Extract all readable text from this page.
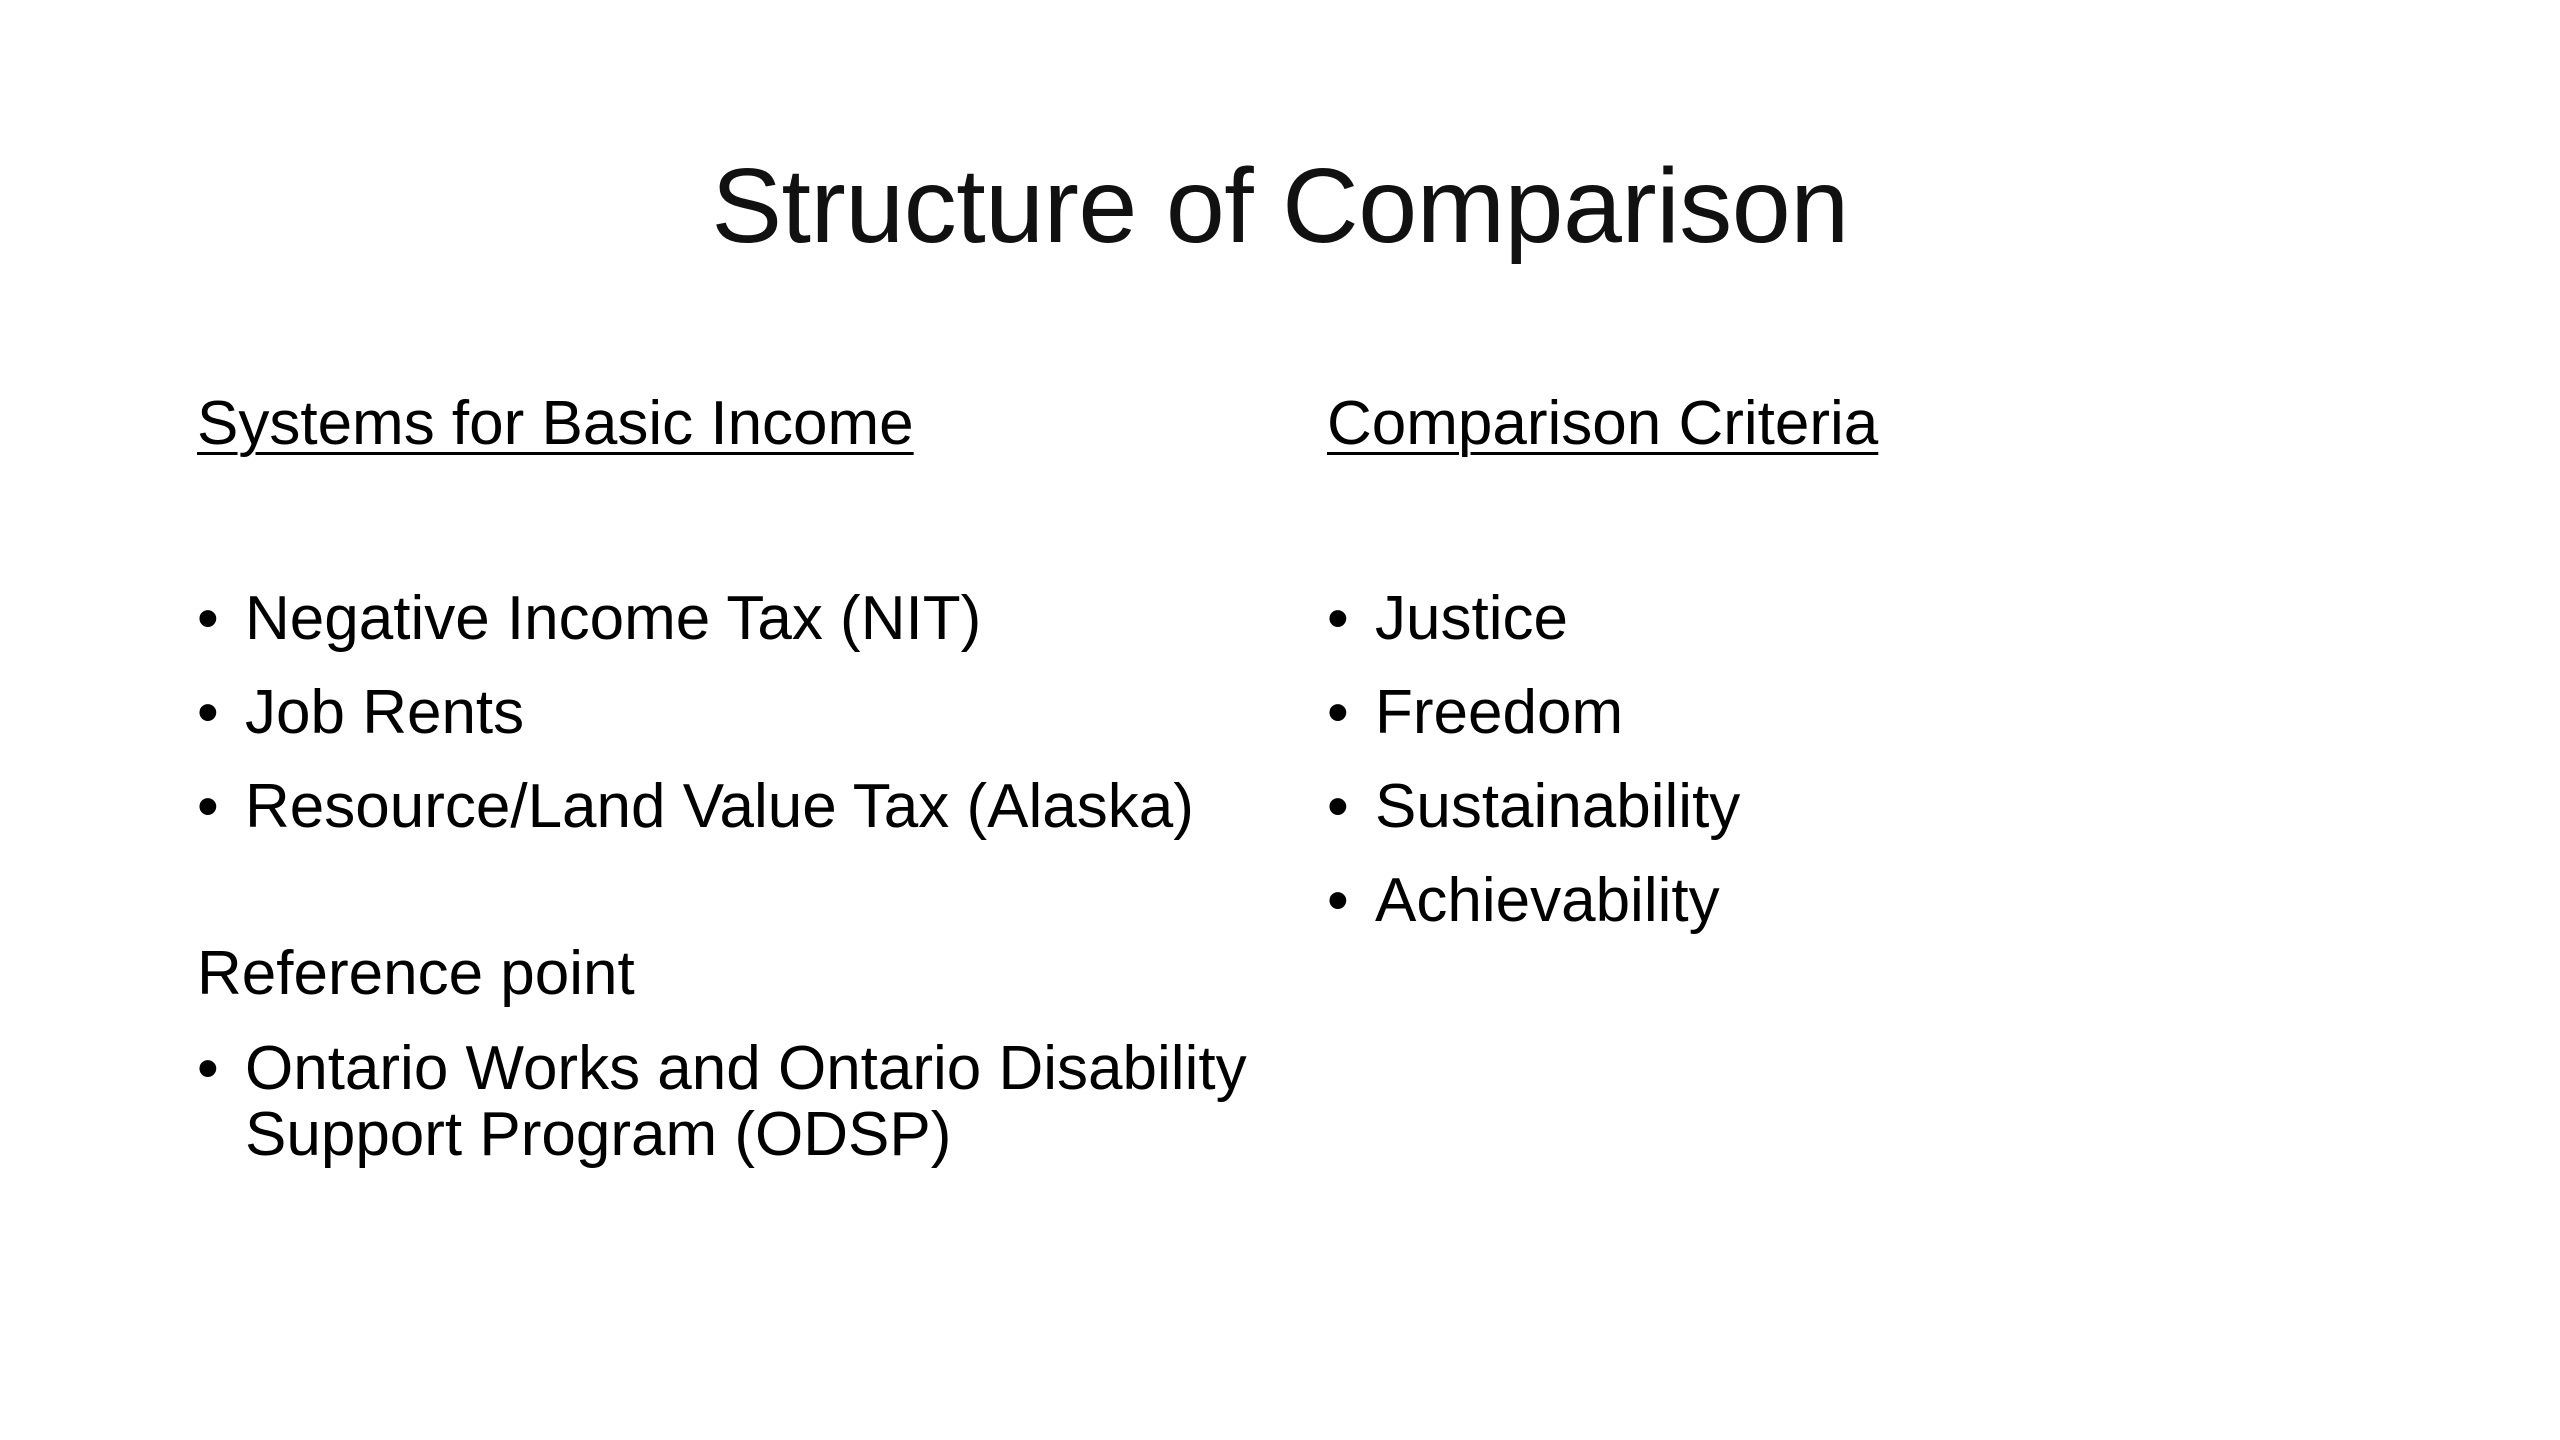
Structure of Comparison
Systems for Basic Income
• Negative Income Tax (NIT)
• Job Rents
• Resource/Land Value Tax (Alaska)
Reference point
• Ontario Works and Ontario Disability Support Program (ODSP)
Comparison Criteria
• Justice
• Freedom
• Sustainability
• Achievability
